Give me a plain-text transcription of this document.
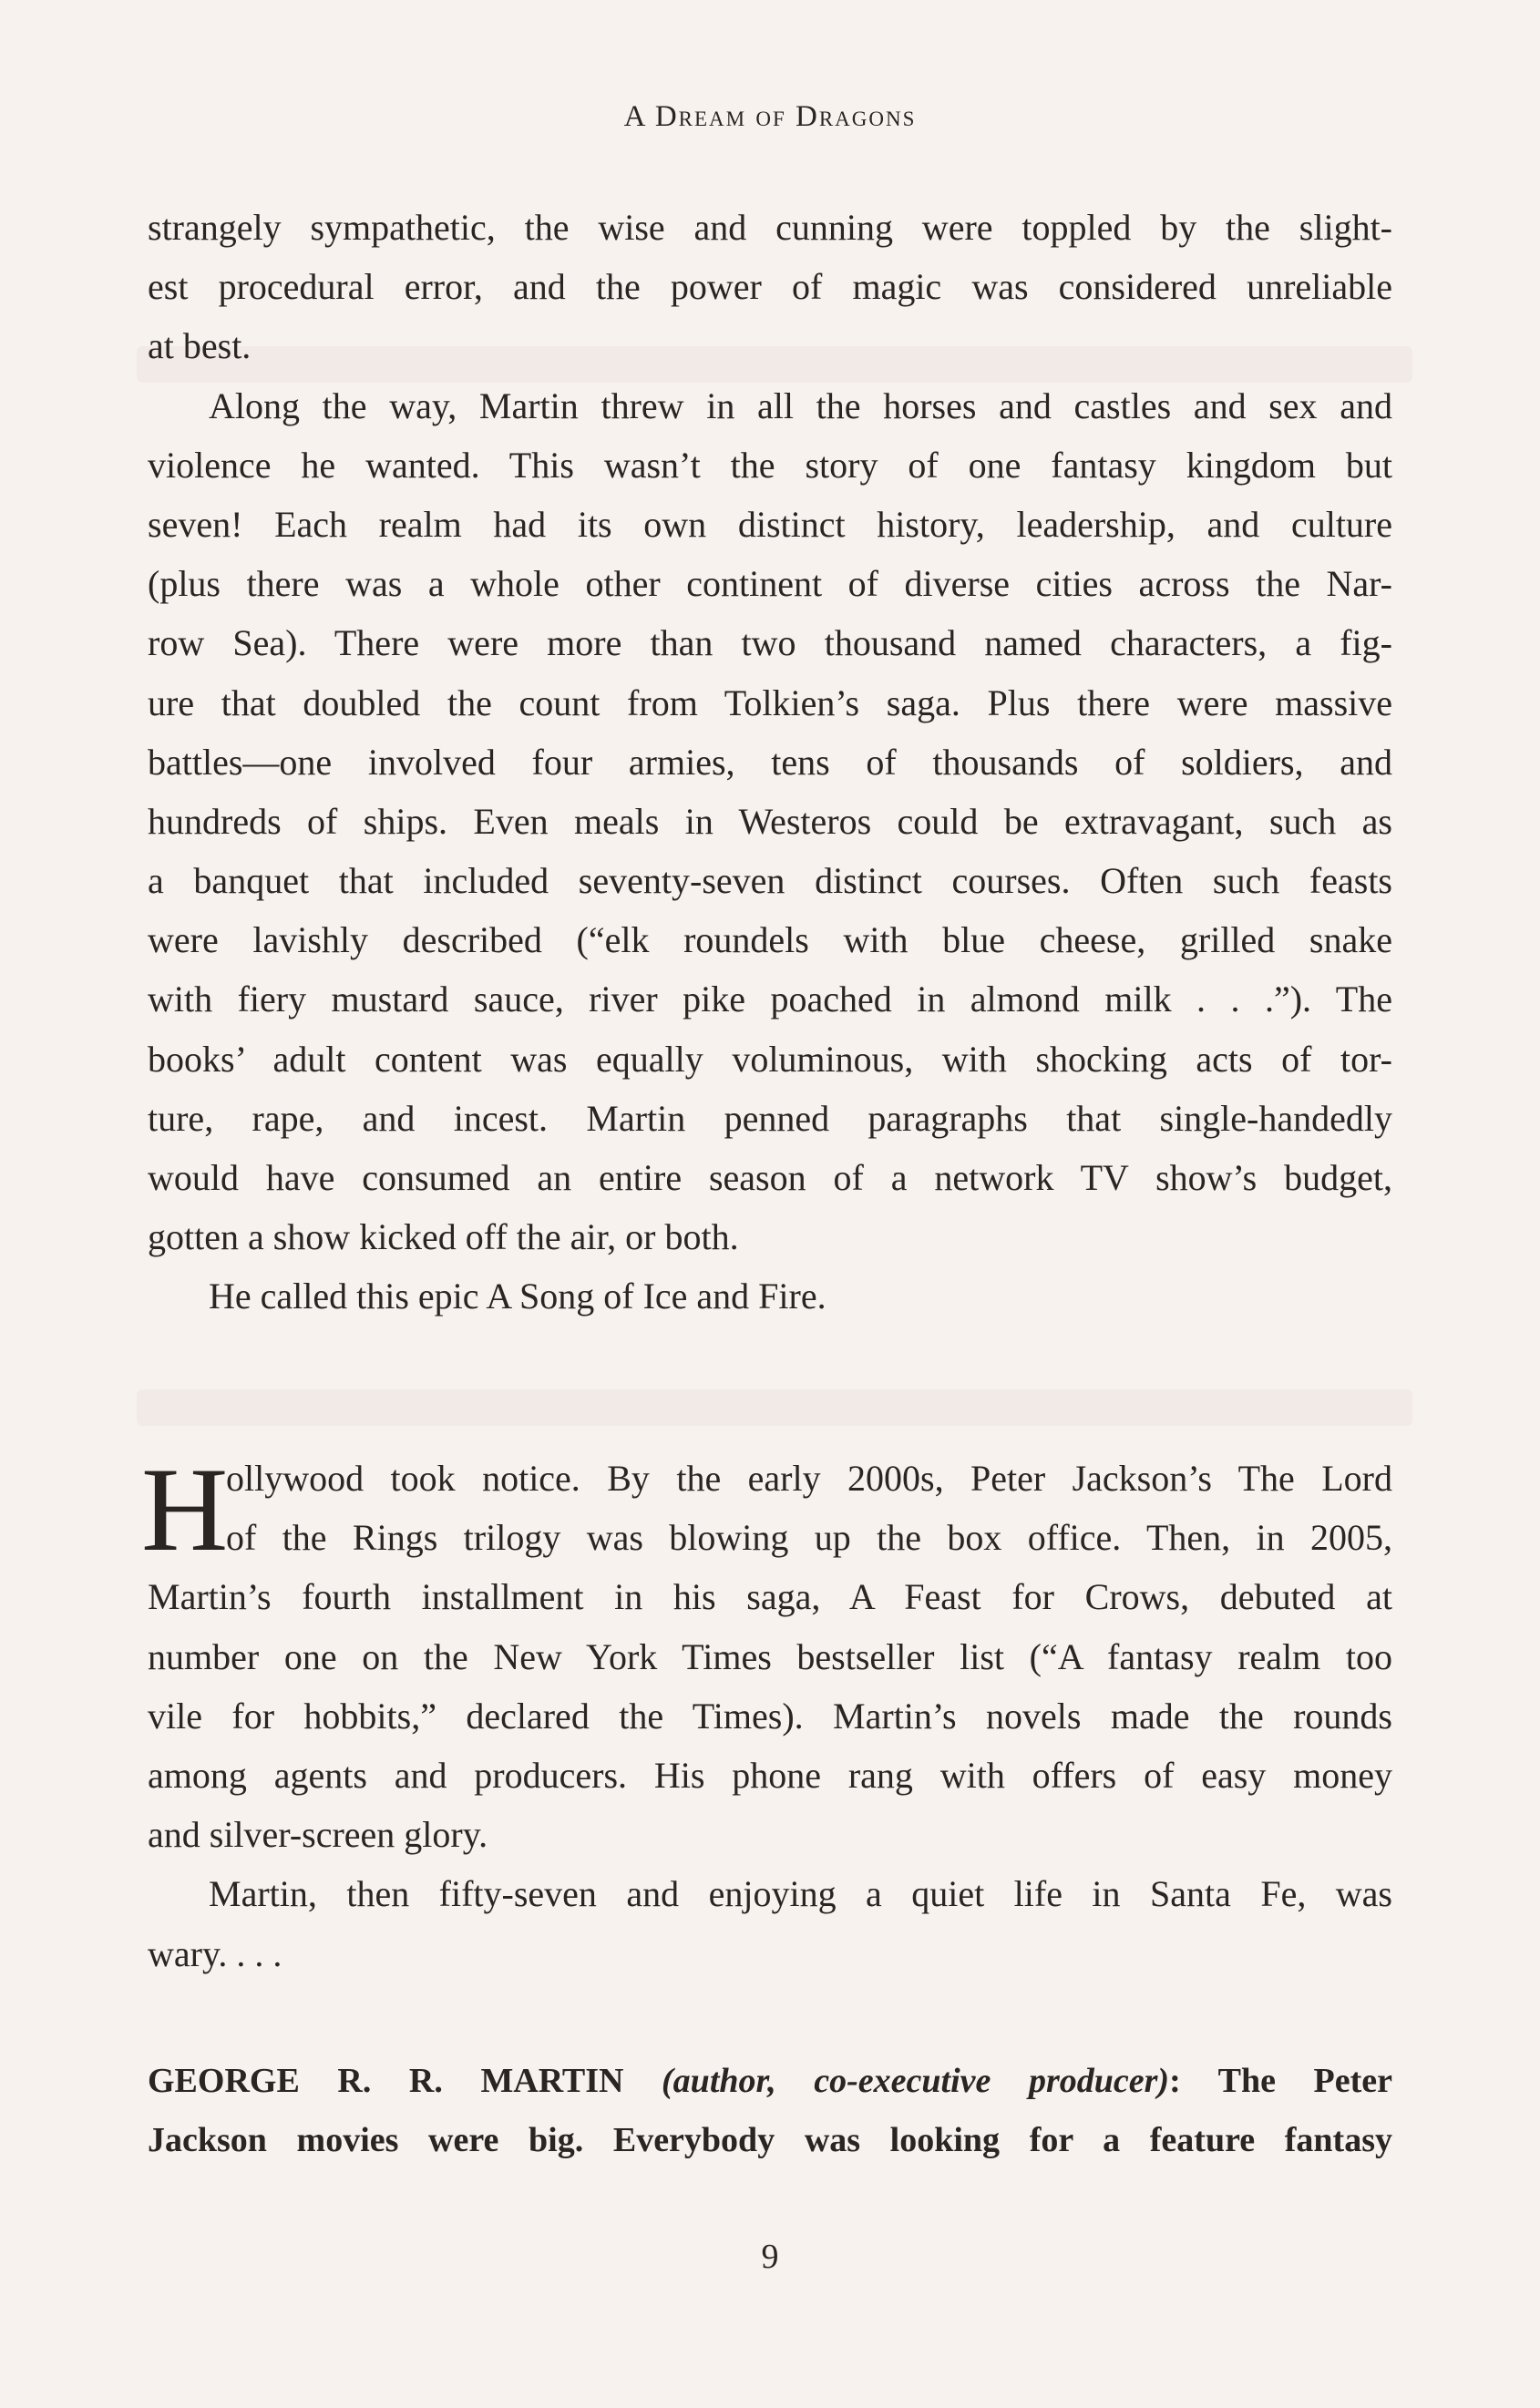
A Dream of Dragons
strangely sympathetic, the wise and cunning were toppled by the slight-
est procedural error, and the power of magic was considered unreliable
at best.
Along the way, Martin threw in all the horses and castles and sex and
violence he wanted. This wasn’t the story of one fantasy kingdom but
seven! Each realm had its own distinct history, leadership, and culture
(plus there was a whole other continent of diverse cities across the Nar-
row Sea). There were more than two thousand named characters, a fig-
ure that doubled the count from Tolkien’s saga. Plus there were massive
battles—one involved four armies, tens of thousands of soldiers, and
hundreds of ships. Even meals in Westeros could be extravagant, such as
a banquet that included seventy-seven distinct courses. Often such feasts
were lavishly described (“elk roundels with blue cheese, grilled snake
with fiery mustard sauce, river pike poached in almond milk . . .”). The
books’ adult content was equally voluminous, with shocking acts of tor-
ture, rape, and incest. Martin penned paragraphs that single-handedly
would have consumed an entire season of a network TV show’s budget,
gotten a show kicked off the air, or both.
He called this epic A Song of Ice and Fire.
H
ollywood took notice. By the early 2000s, Peter Jackson’s The Lord
of the Rings trilogy was blowing up the box office. Then, in 2005,
Martin’s fourth installment in his saga, A Feast for Crows, debuted at
number one on the New York Times bestseller list (“A fantasy realm too
vile for hobbits,” declared the Times). Martin’s novels made the rounds
among agents and producers. His phone rang with offers of easy money
and silver-screen glory.
Martin, then fifty-seven and enjoying a quiet life in Santa Fe, was
wary. . . .
GEORGE R. R. MARTIN (author, co-executive producer): The Peter
Jackson movies were big. Everybody was looking for a feature fantasy
9
